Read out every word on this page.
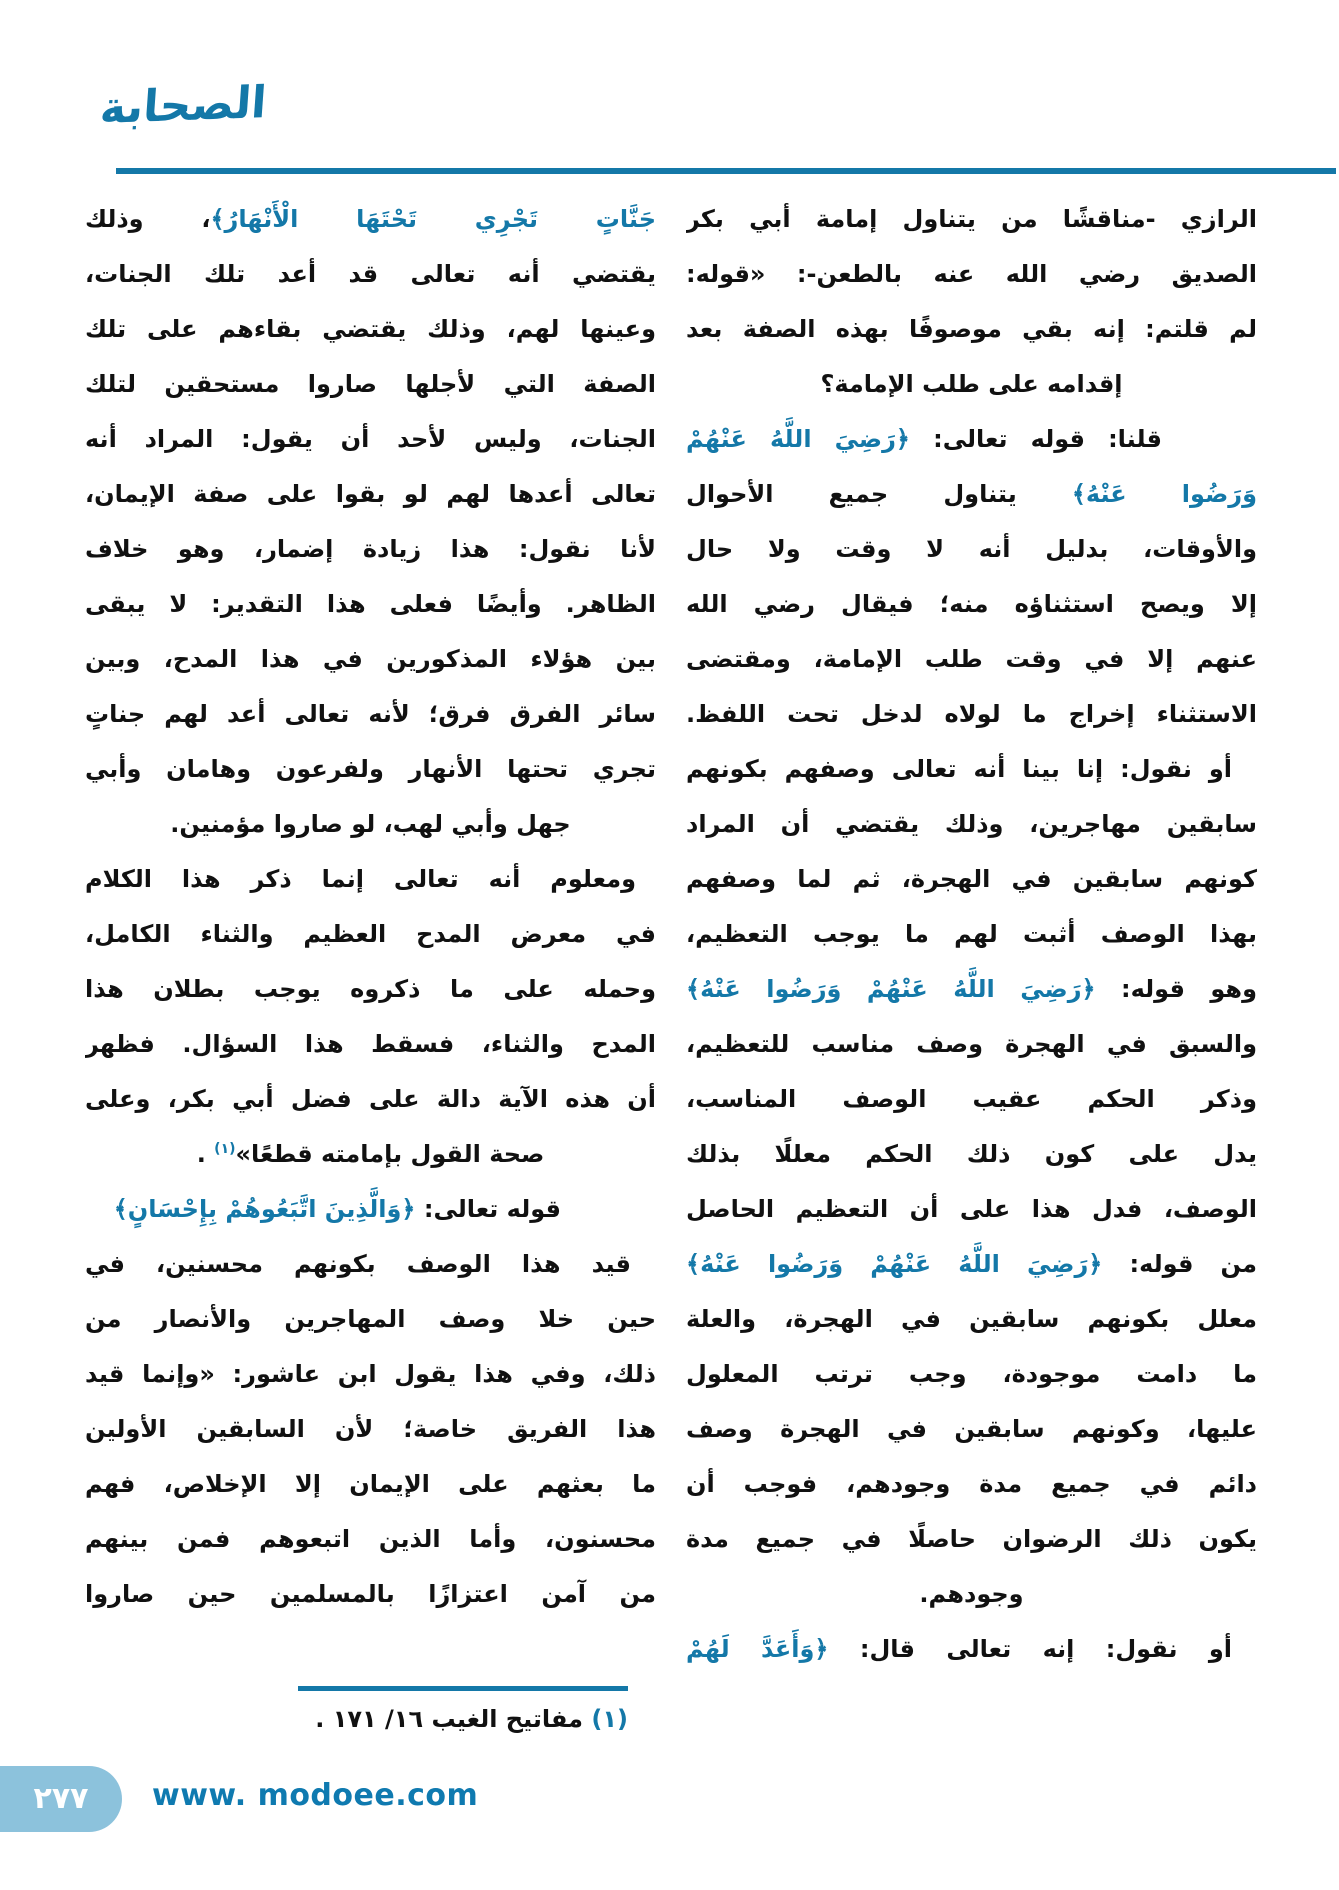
الصحابة
الرازي -مناقشًا من يتناول إمامة أبي بكر
الصديق رضي الله عنه بالطعن-: «قوله:
لم قلتم: إنه بقي موصوفًا بهذه الصفة بعد
إقدامه على طلب الإمامة؟
قلنا: قوله تعالى: ﴿رَضِيَ اللَّهُ عَنْهُمْ
وَرَضُوا عَنْهُ﴾ يتناول جميع الأحوال
والأوقات، بدليل أنه لا وقت ولا حال
إلا ويصح استثناؤه منه؛ فيقال رضي الله
عنهم إلا في وقت طلب الإمامة، ومقتضى
الاستثناء إخراج ما لولاه لدخل تحت اللفظ.
أو نقول: إنا بينا أنه تعالى وصفهم بكونهم
سابقين مهاجرين، وذلك يقتضي أن المراد
كونهم سابقين في الهجرة، ثم لما وصفهم
بهذا الوصف أثبت لهم ما يوجب التعظيم،
وهو قوله: ﴿رَضِيَ اللَّهُ عَنْهُمْ وَرَضُوا عَنْهُ﴾
والسبق في الهجرة وصف مناسب للتعظيم،
وذكر الحكم عقيب الوصف المناسب،
يدل على كون ذلك الحكم معللًا بذلك
الوصف، فدل هذا على أن التعظيم الحاصل
من قوله: ﴿رَضِيَ اللَّهُ عَنْهُمْ وَرَضُوا عَنْهُ﴾
معلل بكونهم سابقين في الهجرة، والعلة
ما دامت موجودة، وجب ترتب المعلول
عليها، وكونهم سابقين في الهجرة وصف
دائم في جميع مدة وجودهم، فوجب أن
يكون ذلك الرضوان حاصلًا في جميع مدة
وجودهم.
أو نقول: إنه تعالى قال: ﴿وَأَعَدَّ لَهُمْ
جَنَّاتٍ تَجْرِي تَحْتَهَا الْأَنْهَارُ﴾، وذلك
يقتضي أنه تعالى قد أعد تلك الجنات،
وعينها لهم، وذلك يقتضي بقاءهم على تلك
الصفة التي لأجلها صاروا مستحقين لتلك
الجنات، وليس لأحد أن يقول: المراد أنه
تعالى أعدها لهم لو بقوا على صفة الإيمان،
لأنا نقول: هذا زيادة إضمار، وهو خلاف
الظاهر. وأيضًا فعلى هذا التقدير: لا يبقى
بين هؤلاء المذكورين في هذا المدح، وبين
سائر الفرق فرق؛ لأنه تعالى أعد لهم جناتٍ
تجري تحتها الأنهار ولفرعون وهامان وأبي
جهل وأبي لهب، لو صاروا مؤمنين.
ومعلوم أنه تعالى إنما ذكر هذا الكلام
في معرض المدح العظيم والثناء الكامل،
وحمله على ما ذكروه يوجب بطلان هذا
المدح والثناء، فسقط هذا السؤال. فظهر
أن هذه الآية دالة على فضل أبي بكر، وعلى
صحة القول بإمامته قطعًا»$^{(١)}$ .
قوله تعالى: ﴿وَالَّذِينَ اتَّبَعُوهُمْ بِإِحْسَانٍ﴾
قيد هذا الوصف بكونهم محسنين، في
حين خلا وصف المهاجرين والأنصار من
ذلك، وفي هذا يقول ابن عاشور: «وإنما قيد
هذا الفريق خاصة؛ لأن السابقين الأولين
ما بعثهم على الإيمان إلا الإخلاص، فهم
محسنون، وأما الذين اتبعوهم فمن بينهم
من آمن اعتزازًا بالمسلمين حين صاروا
(١) مفاتيح الغيب ١٦/ ١٧١ .
٢٧٧	www. modoee.com
